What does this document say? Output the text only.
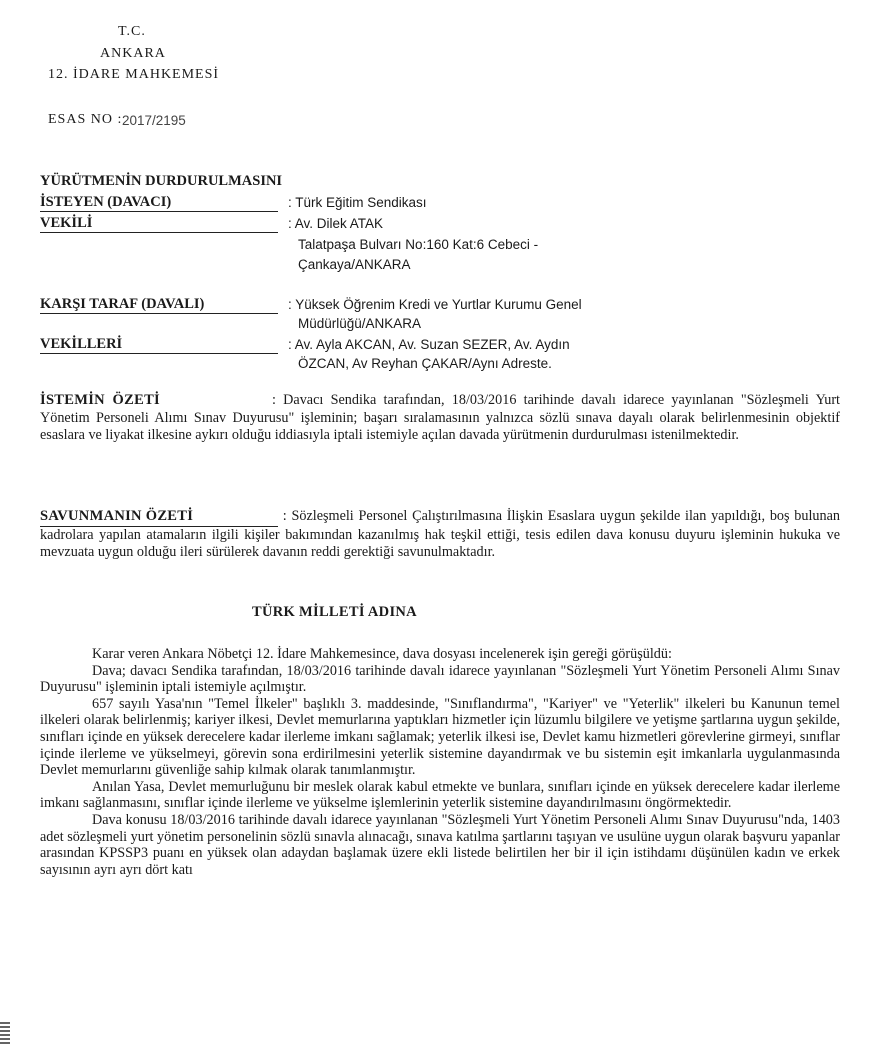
T.C.
ANKARA
12. İDARE MAHKEMESİ
ESAS NO : 2017/2195
YÜRÜTMENİN DURDURULMASINI
İSTEYEN (DAVACI)	: Türk Eğitim Sendikası
VEKİLİ	: Av. Dilek ATAK
Talatpaşa Bulvarı No:160 Kat:6 Cebeci -
Çankaya/ANKARA
KARŞI TARAF (DAVALI)	: Yüksek Öğrenim Kredi ve Yurtlar Kurumu Genel
Müdürlüğü/ANKARA
VEKİLLERİ	: Av. Ayla AKCAN, Av. Suzan SEZER, Av. Aydın
ÖZCAN, Av Reyhan ÇAKAR/Aynı Adreste.

İSTEMİN ÖZETİ	: Davacı Sendika tarafından, 18/03/2016 tarihinde davalı idarece yayınlanan "Sözleşmeli Yurt Yönetim Personeli Alımı Sınav Duyurusu" işleminin; başarı sıralamasının yalnızca sözlü sınava dayalı olarak belirlenmesinin objektif esaslara ve liyakat ilkesine aykırı olduğu iddiasıyla iptali istemiyle açılan davada yürütmenin durdurulması istenilmektedir.

SAVUNMANIN ÖZETİ	: Sözleşmeli Personel Çalıştırılmasına İlişkin Esaslara uygun şekilde ilan yapıldığı, boş bulunan kadrolara yapılan atamaların ilgili kişiler bakımından kazanılmış hak teşkil ettiği, tesis edilen dava konusu duyuru işleminin hukuka ve mevzuata uygun olduğu ileri sürülerek davanın reddi gerektiği savunulmaktadır.

TÜRK MİLLETİ ADINA

Karar veren Ankara Nöbetçi 12. İdare Mahkemesince, dava dosyası incelenerek işin gereği görüşüldü:

Dava; davacı Sendika tarafından, 18/03/2016 tarihinde davalı idarece yayınlanan "Sözleşmeli Yurt Yönetim Personeli Alımı Sınav Duyurusu" işleminin iptali istemiyle açılmıştır.

657 sayılı Yasa'nın "Temel İlkeler" başlıklı 3. maddesinde, "Sınıflandırma", "Kariyer" ve "Yeterlik" ilkeleri bu Kanunun temel ilkeleri olarak belirlenmiş; kariyer ilkesi, Devlet memurlarına yaptıkları hizmetler için lüzumlu bilgilere ve yetişme şartlarına uygun şekilde, sınıfları içinde en yüksek derecelere kadar ilerleme imkanı sağlamak; yeterlik ilkesi ise, Devlet kamu hizmetleri görevlerine girmeyi, sınıflar içinde ilerleme ve yükselmeyi, görevin sona erdirilmesini yeterlik sistemine dayandırmak ve bu sistemin eşit imkanlarla uygulanmasında Devlet memurlarını güvenliğe sahip kılmak olarak tanımlanmıştır.

Anılan Yasa, Devlet memurluğunu bir meslek olarak kabul etmekte ve bunlara, sınıfları içinde en yüksek derecelere kadar ilerleme imkanı sağlanmasını, sınıflar içinde ilerleme ve yükselme işlemlerinin yeterlik sistemine dayandırılmasını öngörmektedir.

Dava konusu 18/03/2016 tarihinde davalı idarece yayınlanan "Sözleşmeli Yurt Yönetim Personeli Alımı Sınav Duyurusu"nda, 1403 adet sözleşmeli yurt yönetim personelinin sözlü sınavla alınacağı, sınava katılma şartlarını taşıyan ve usulüne uygun olarak başvuru yapanlar arasından KPSSP3 puanı en yüksek olan adaydan başlamak üzere ekli listede belirtilen her bir il için istihdamı düşünülen kadın ve erkek sayısının ayrı ayrı dört katı
